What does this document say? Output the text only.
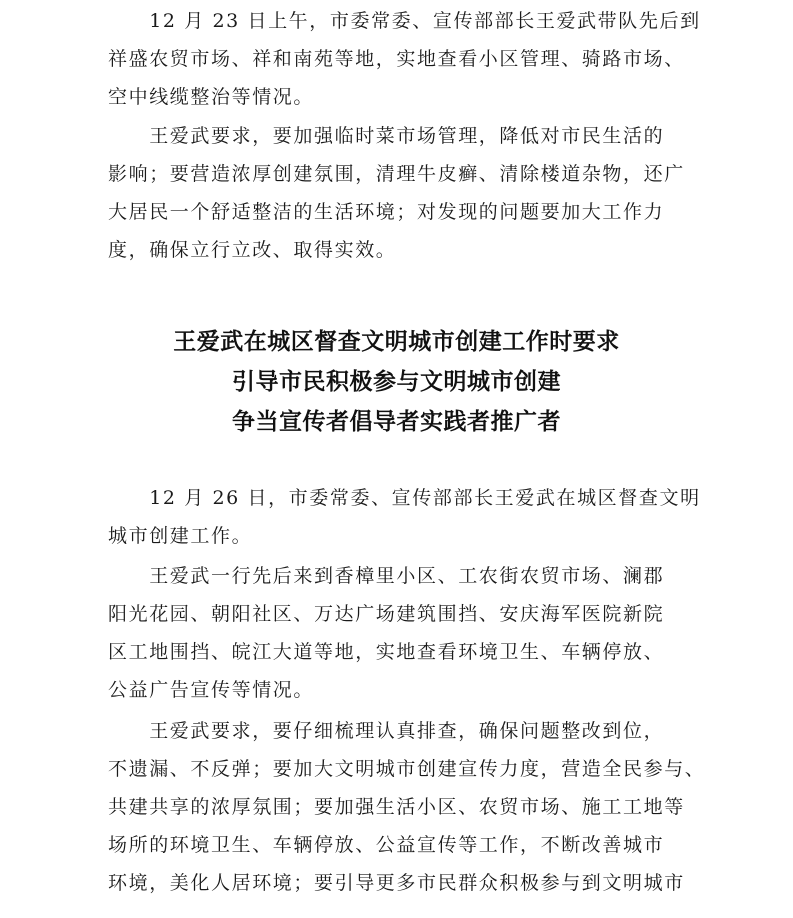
　　12 月 23 日上午，市委常委、宣传部部长王爱武带队先后到
祥盛农贸市场、祥和南苑等地，实地查看小区管理、骑路市场、
空中线缆整治等情况。
　　王爱武要求，要加强临时菜市场管理，降低对市民生活的
影响；要营造浓厚创建氛围，清理牛皮癣、清除楼道杂物，还广
大居民一个舒适整洁的生活环境；对发现的问题要加大工作力
度，确保立行立改、取得实效。
王爱武在城区督查文明城市创建工作时要求
引导市民积极参与文明城市创建
争当宣传者倡导者实践者推广者
　　12 月 26 日，市委常委、宣传部部长王爱武在城区督查文明
城市创建工作。
　　王爱武一行先后来到香樟里小区、工农街农贸市场、澜郡
阳光花园、朝阳社区、万达广场建筑围挡、安庆海军医院新院
区工地围挡、皖江大道等地，实地查看环境卫生、车辆停放、
公益广告宣传等情况。
　　王爱武要求，要仔细梳理认真排查，确保问题整改到位，
不遗漏、不反弹；要加大文明城市创建宣传力度，营造全民参与、
共建共享的浓厚氛围；要加强生活小区、农贸市场、施工工地等
场所的环境卫生、车辆停放、公益宣传等工作，不断改善城市
环境，美化人居环境；要引导更多市民群众积极参与到文明城市
